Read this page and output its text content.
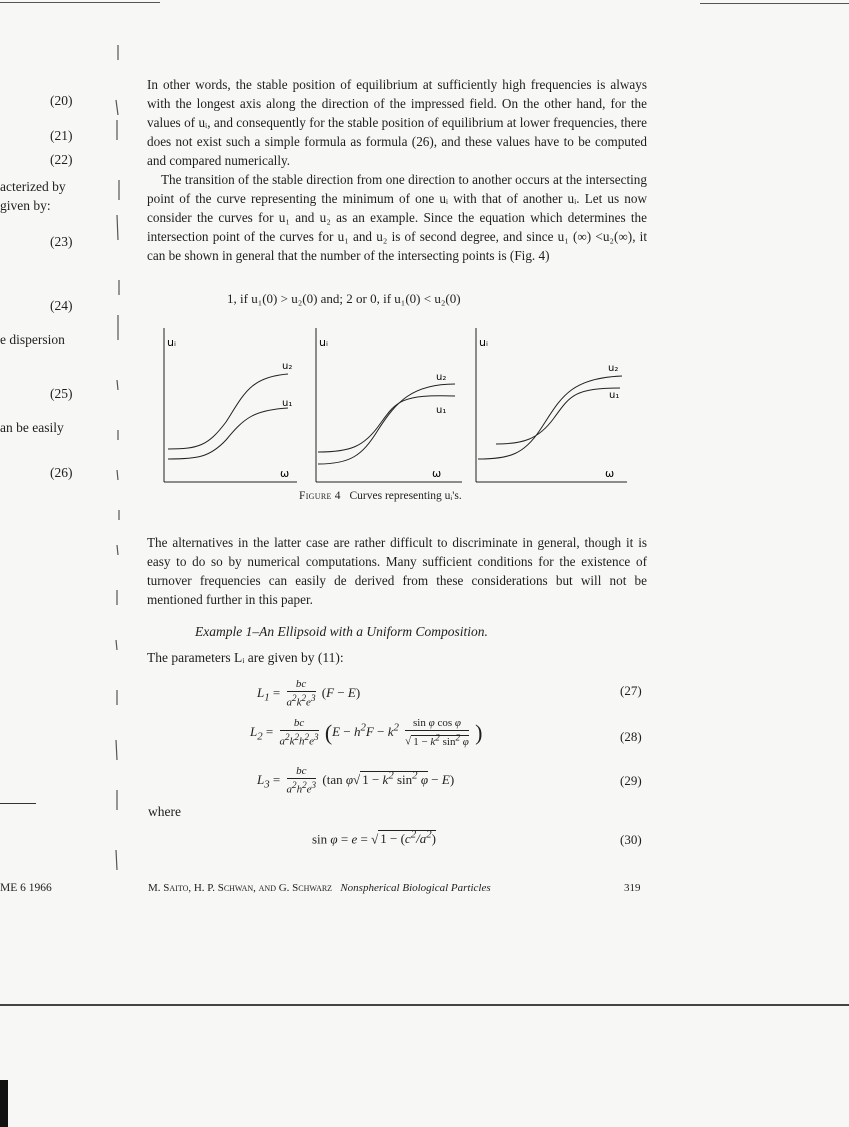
(20)
(21)
(22)
acterized by
given by:
(23)
(24)
e dispersion
(25)
an be easily
(26)
ME 6 1966

In other words, the stable position of equilibrium at sufficiently high frequencies is always with the longest axis along the direction of the impressed field. On the other hand, for the values of uᵢ, and consequently for the stable position of equilibrium at lower frequencies, there does not exist such a simple formula as formula (26), and these values have to be computed and compared numerically.

The transition of the stable direction from one direction to another occurs at the intersecting point of the curve representing the minimum of one uᵢ with that of another uᵢ. Let us now consider the curves for u₁ and u₂ as an example. Since the equation which determines the intersection point of the curves for u₁ and u₂ is of second degree, and since u₁ (∞) <u₂(∞), it can be shown in general that the number of the intersecting points is (Fig. 4)

1, if u₁(0) > u₂(0) and; 2 or 0, if u₁(0) < u₂(0)
uᵢ
ω
u₂
u₁
uᵢ
ω
u₂
u₁
uᵢ
ω
u₂
u₁
Figure 4 Curves representing uᵢ's.

The alternatives in the latter case are rather difficult to discriminate in general, though it is easy to do so by numerical computations. Many sufficient conditions for the existence of turnover frequencies can easily de derived from these considerations but will not be mentioned further in this paper.

Example 1–An Ellipsoid with a Uniform Composition.
The parameters Lᵢ are given by (11):
$L_1 = \frac{bc}{a^2k^2e^3} (F - E)$	(27)
$L_2 = \frac{bc}{a^2k^2h^2e^3} (E - h^2F - k^2 \frac{\text{sin φ cos φ}}{√ 1 - k^2 \sin^2 \varphi}$ )	(28)
$L_3 = \frac{bc}{a^2h^2e^3} (\tan$ φ√ $1 - k^2$ $\sin^2 \varphi - E$)	(29)
where
sin φ = e = √ $1 - (c^2/a^2)$	(30)
M. Saito, H. P. Schwan, and G. Schwarz Nonspherical Biological Particles	319
